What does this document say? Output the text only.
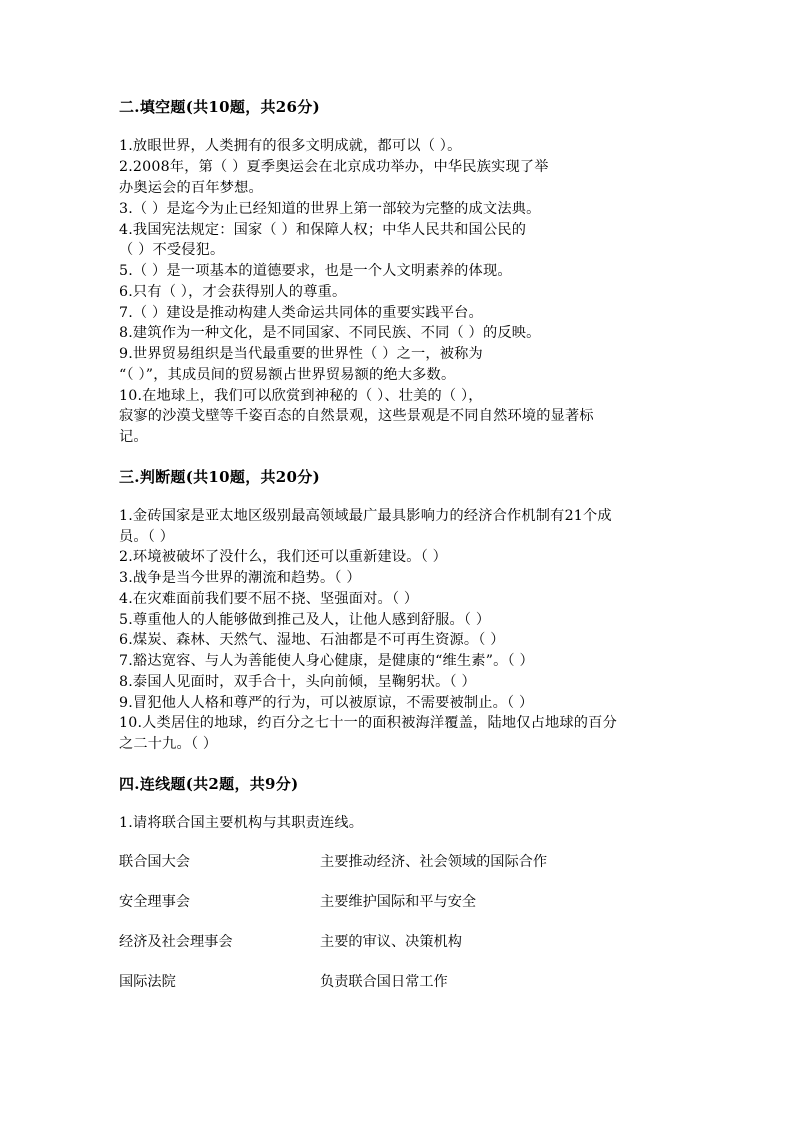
二.填空题(共10题，共26分)
1.放眼世界，人类拥有的很多文明成就，都可以（ ）。
2.2008年，第（ ）夏季奥运会在北京成功举办，中华民族实现了举
办奥运会的百年梦想。
3.（ ）是迄今为止已经知道的世界上第一部较为完整的成文法典。
4.我国宪法规定：国家（ ）和保障人权；中华人民共和国公民的
（ ）不受侵犯。
5.（ ）是一项基本的道德要求，也是一个人文明素养的体现。
6.只有（ ），才会获得别人的尊重。
7.（ ）建设是推动构建人类命运共同体的重要实践平台。
8.建筑作为一种文化，是不同国家、不同民族、不同（ ）的反映。
9.世界贸易组织是当代最重要的世界性（ ）之一，被称为
“（ ）”，其成员间的贸易额占世界贸易额的绝大多数。
10.在地球上，我们可以欣赏到神秘的（ ）、壮美的（ ），
寂寥的沙漠戈壁等千姿百态的自然景观，这些景观是不同自然环境的显著标
记。
三.判断题(共10题，共20分)
1.金砖国家是亚太地区级别最高领域最广最具影响力的经济合作机制有21个成
员。（ ）
2.环境被破坏了没什么，我们还可以重新建设。（ ）
3.战争是当今世界的潮流和趋势。（ ）
4.在灾难面前我们要不屈不挠、坚强面对。（ ）
5.尊重他人的人能够做到推己及人，让他人感到舒服。（ ）
6.煤炭、森林、天然气、湿地、石油都是不可再生资源。（ ）
7.豁达宽容、与人为善能使人身心健康，是健康的“维生素”。（ ）
8.泰国人见面时，双手合十，头向前倾，呈鞠躬状。（ ）
9.冒犯他人人格和尊严的行为，可以被原谅，不需要被制止。（ ）
10.人类居住的地球，约百分之七十一的面积被海洋覆盖，陆地仅占地球的百分
之二十九。（ ）
四.连线题(共2题，共9分)
1.请将联合国主要机构与其职责连线。
联合国大会	主要推动经济、社会领域的国际合作
安全理事会	主要维护国际和平与安全
经济及社会理事会	主要的审议、决策机构
国际法院	负责联合国日常工作
